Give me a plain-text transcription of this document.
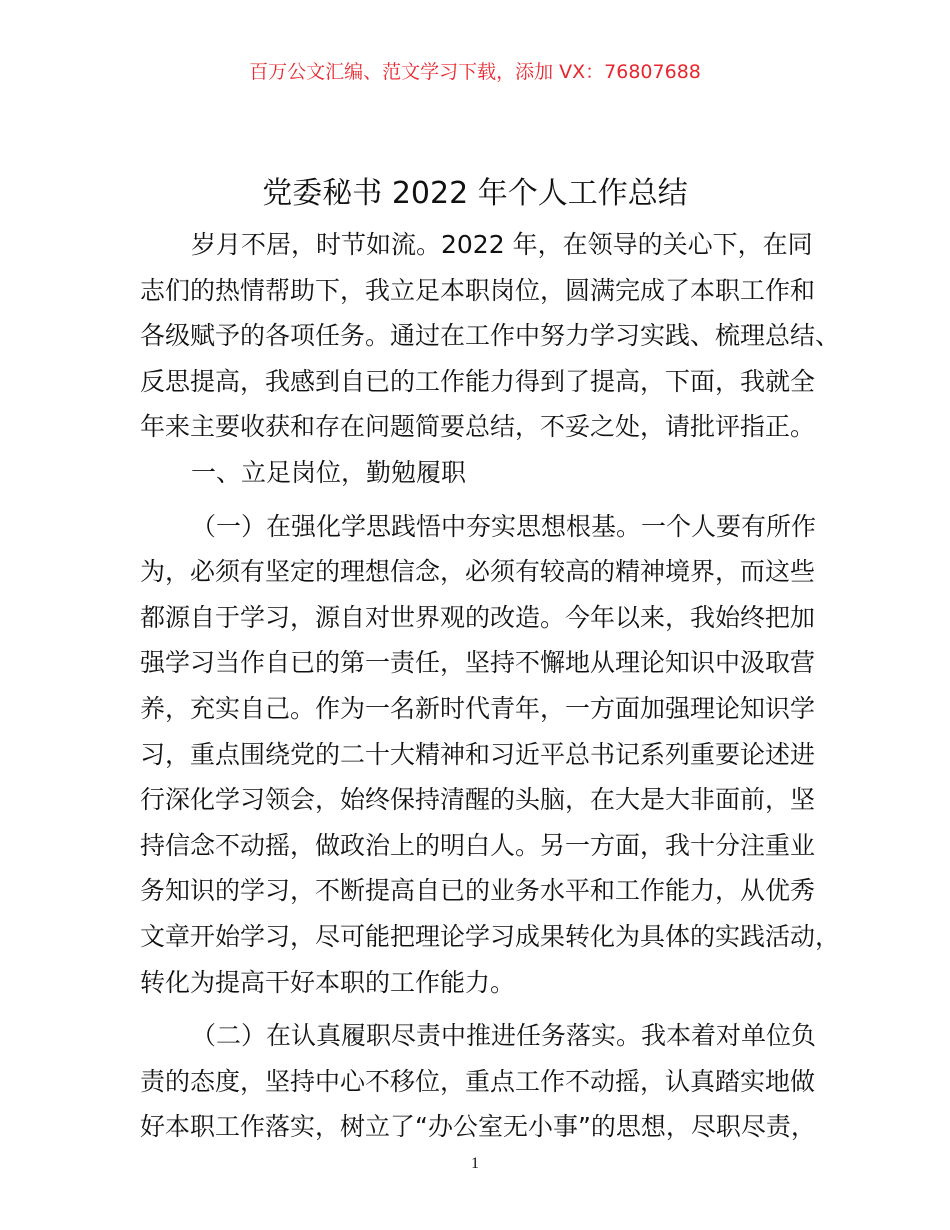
百万公文汇编、范文学习下载，添加 VX：76807688
党委秘书 2022 年个人工作总结
岁月不居，时节如流。2022 年，在领导的关心下，在同
志们的热情帮助下，我立足本职岗位，圆满完成了本职工作和
各级赋予的各项任务。通过在工作中努力学习实践、梳理总结、
反思提高，我感到自已的工作能力得到了提高，下面，我就全
年来主要收获和存在问题简要总结，不妥之处，请批评指正。
一、立足岗位，勤勉履职
（一）在强化学思践悟中夯实思想根基。一个人要有所作
为，必须有坚定的理想信念，必须有较高的精神境界，而这些
都源自于学习，源自对世界观的改造。今年以来，我始终把加
强学习当作自已的第一责任，坚持不懈地从理论知识中汲取营
养，充实自己。作为一名新时代青年，一方面加强理论知识学
习，重点围绕党的二十大精神和习近平总书记系列重要论述进
行深化学习领会，始终保持清醒的头脑，在大是大非面前，坚
持信念不动摇，做政治上的明白人。另一方面，我十分注重业
务知识的学习，不断提高自已的业务水平和工作能力，从优秀
文章开始学习，尽可能把理论学习成果转化为具体的实践活动，
转化为提高干好本职的工作能力。
（二）在认真履职尽责中推进任务落实。我本着对单位负
责的态度，坚持中心不移位，重点工作不动摇，认真踏实地做
好本职工作落实，树立了“办公室无小事”的思想，尽职尽责，
1
